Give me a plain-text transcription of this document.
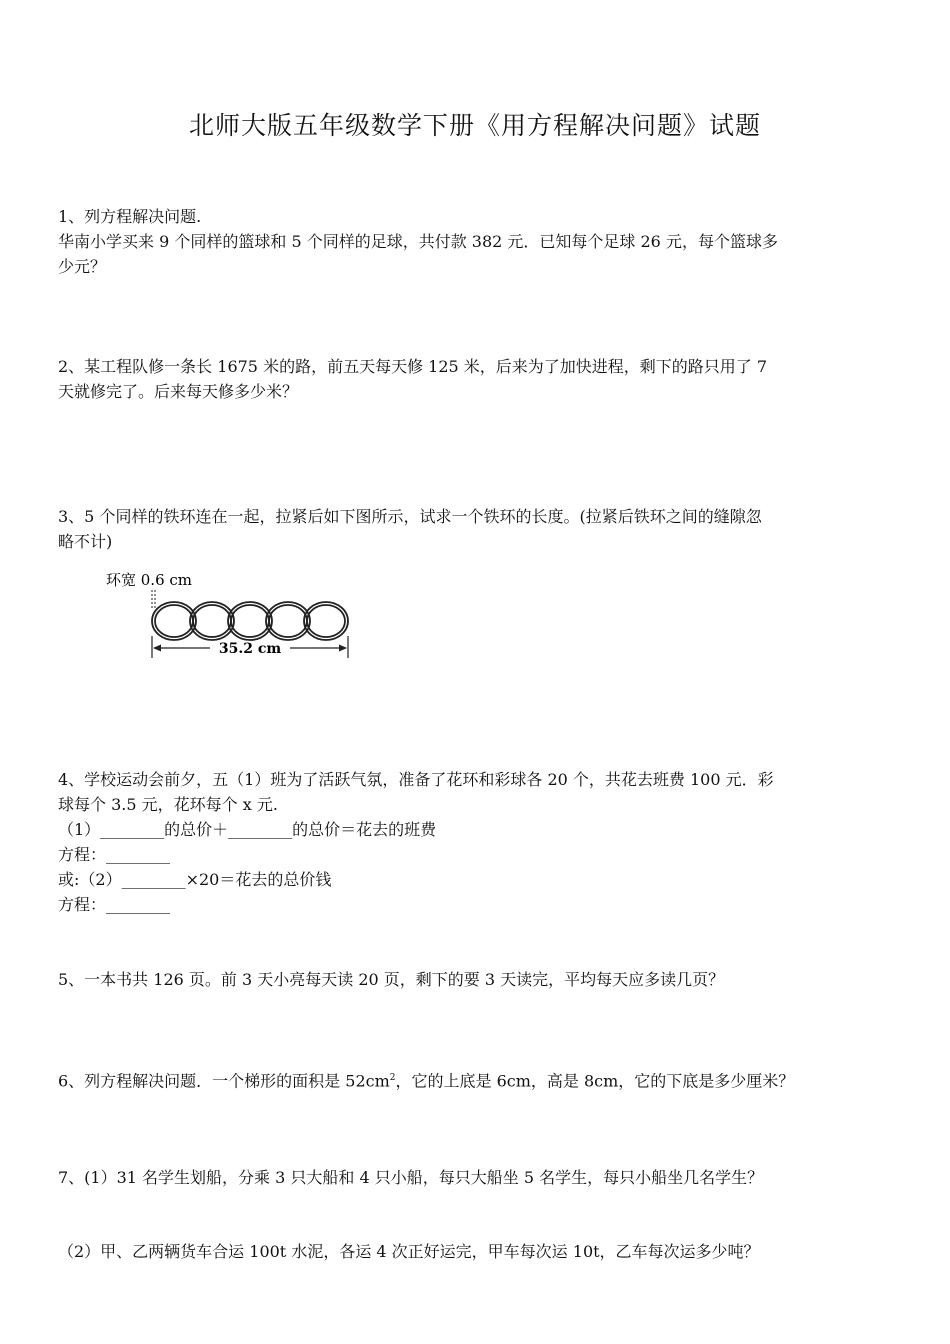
北师大版五年级数学下册《用方程解决问题》试题
1、列方程解决问题.
华南小学买来 9 个同样的篮球和 5 个同样的足球，共付款 382 元．已知每个足球 26 元，每个篮球多
少元？
2、某工程队修一条长 1675 米的路，前五天每天修 125 米，后来为了加快进程，剩下的路只用了 7
天就修完了。后来每天修多少米？
3、5 个同样的铁环连在一起，拉紧后如下图所示，试求一个铁环的长度。(拉紧后铁环之间的缝隙忽
略不计)
环宽 0.6 cm
35.2 cm
4、学校运动会前夕，五（1）班为了活跃气氛，准备了花环和彩球各 20 个，共花去班费 100 元．彩
球每个 3.5 元，花环每个 x 元.
（1）________的总价＋________的总价＝花去的班费
方程：________
或:（2）________×20＝花去的总价钱
方程：________
5、一本书共 126 页。前 3 天小亮每天读 20 页，剩下的要 3 天读完，平均每天应多读几页？
6、列方程解决问题．一个梯形的面积是 $52cm^2$，它的上底是 6cm，高是 8cm，它的下底是多少厘米？
7、(1）31 名学生划船，分乘 3 只大船和 4 只小船，每只大船坐 5 名学生，每只小船坐几名学生？
（2）甲、乙两辆货车合运 100t 水泥，各运 4 次正好运完，甲车每次运 10t，乙车每次运多少吨？
